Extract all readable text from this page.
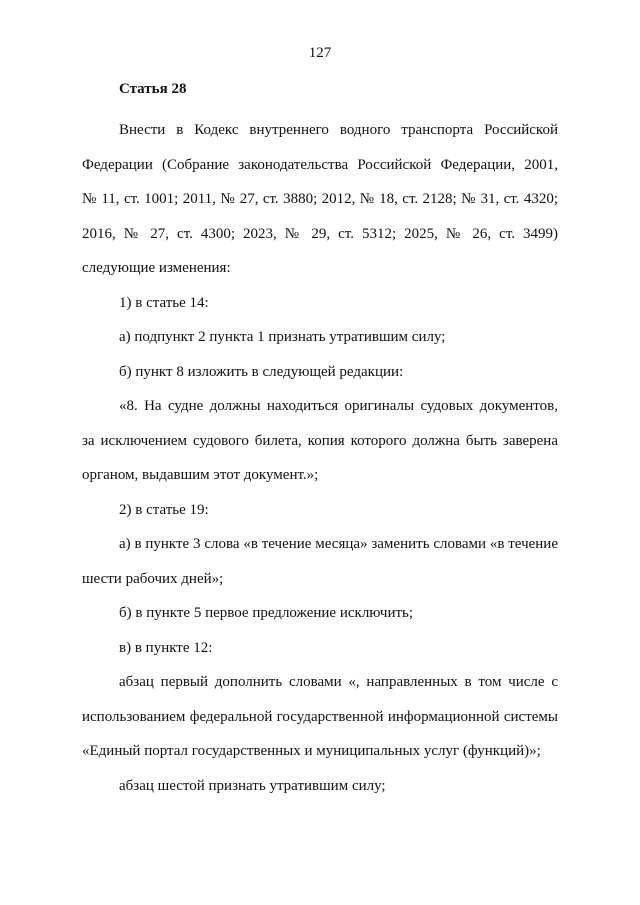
127
Статья 28
Внести в Кодекс внутреннего водного транспорта Российской
Федерации (Собрание законодательства Российской Федерации, 2001,
№ 11, ст. 1001; 2011, № 27, ст. 3880; 2012, № 18, ст. 2128; № 31, ст. 4320;
2016, № 27, ст. 4300; 2023, № 29, ст. 5312; 2025, № 26, ст. 3499)
следующие изменения:
1) в статье 14:
а) подпункт 2 пункта 1 признать утратившим силу;
б) пункт 8 изложить в следующей редакции:
«8. На судне должны находиться оригиналы судовых документов,
за исключением судового билета, копия которого должна быть заверена
органом, выдавшим этот документ.»;
2) в статье 19:
а) в пункте 3 слова «в течение месяца» заменить словами «в течение
шести рабочих дней»;
б) в пункте 5 первое предложение исключить;
в) в пункте 12:
абзац первый дополнить словами «, направленных в том числе с
использованием федеральной государственной информационной системы
«Единый портал государственных и муниципальных услуг (функций)»;
абзац шестой признать утратившим силу;
